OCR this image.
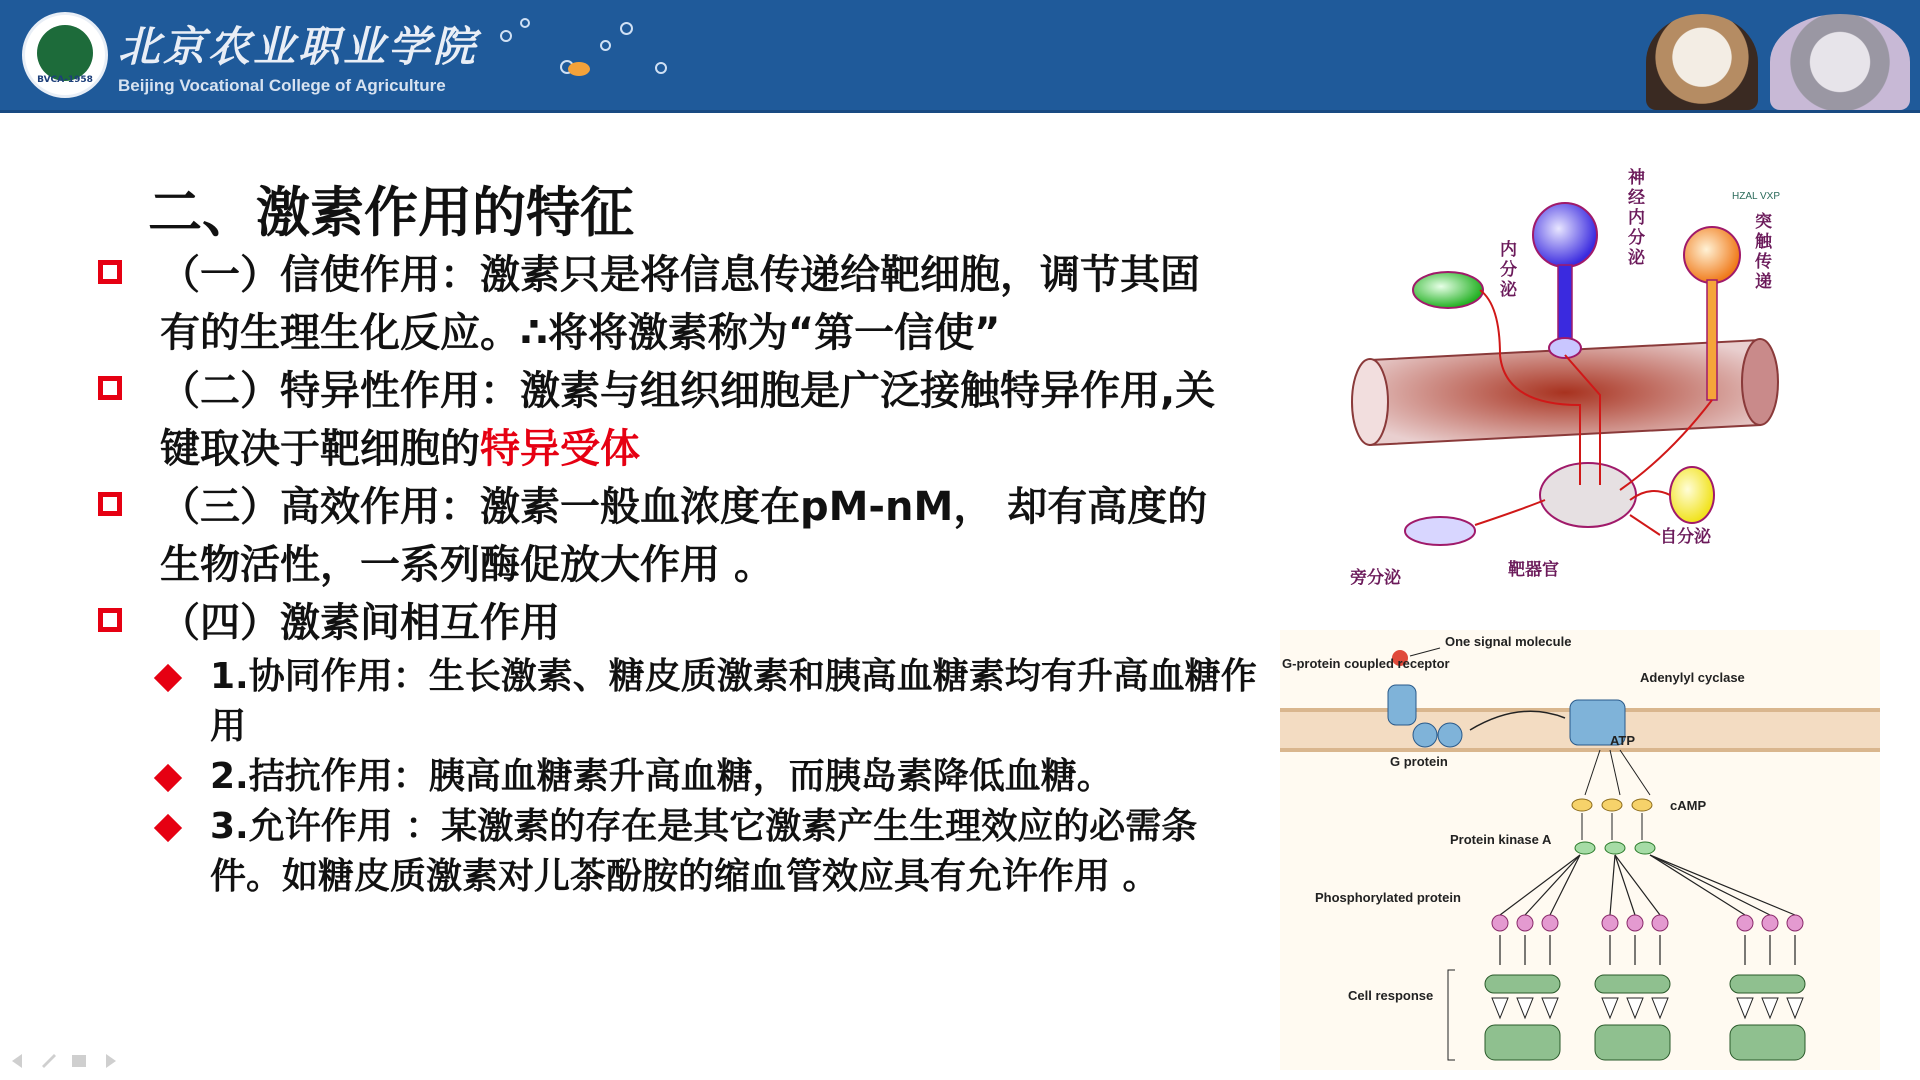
BVCA-1958
北京农业职业学院
Beijing Vocational College of Agriculture
二、激素作用的特征
（一）信使作用：激素只是将信息传递给靶细胞，调节其固有的生理生化反应。∴将将激素称为“第一信使”
（二）特异性作用：激素与组织细胞是广泛接触特异作用,关键取决于靶细胞的特异受体
（三）高效作用：激素一般血浓度在pM-nM， 却有高度的生物活性，一系列酶促放大作用 。
（四）激素间相互作用
1.协同作用：生长激素、糖皮质激素和胰高血糖素均有升高血糖作用
2.拮抗作用：胰高血糖素升高血糖，而胰岛素降低血糖。
3.允许作用 ：某激素的存在是其它激素产生生理效应的必需条件。如糖皮质激素对儿茶酚胺的缩血管效应具有允许作用 。
神经内分泌
内分泌
突触传递
旁分泌	靶器官
自分泌
HZAL VXP
One signal molecule
G-protein coupled receptor
Adenylyl cyclase
G protein
ATP
cAMP
Protein kinase A
Phosphorylated protein
Cell response
